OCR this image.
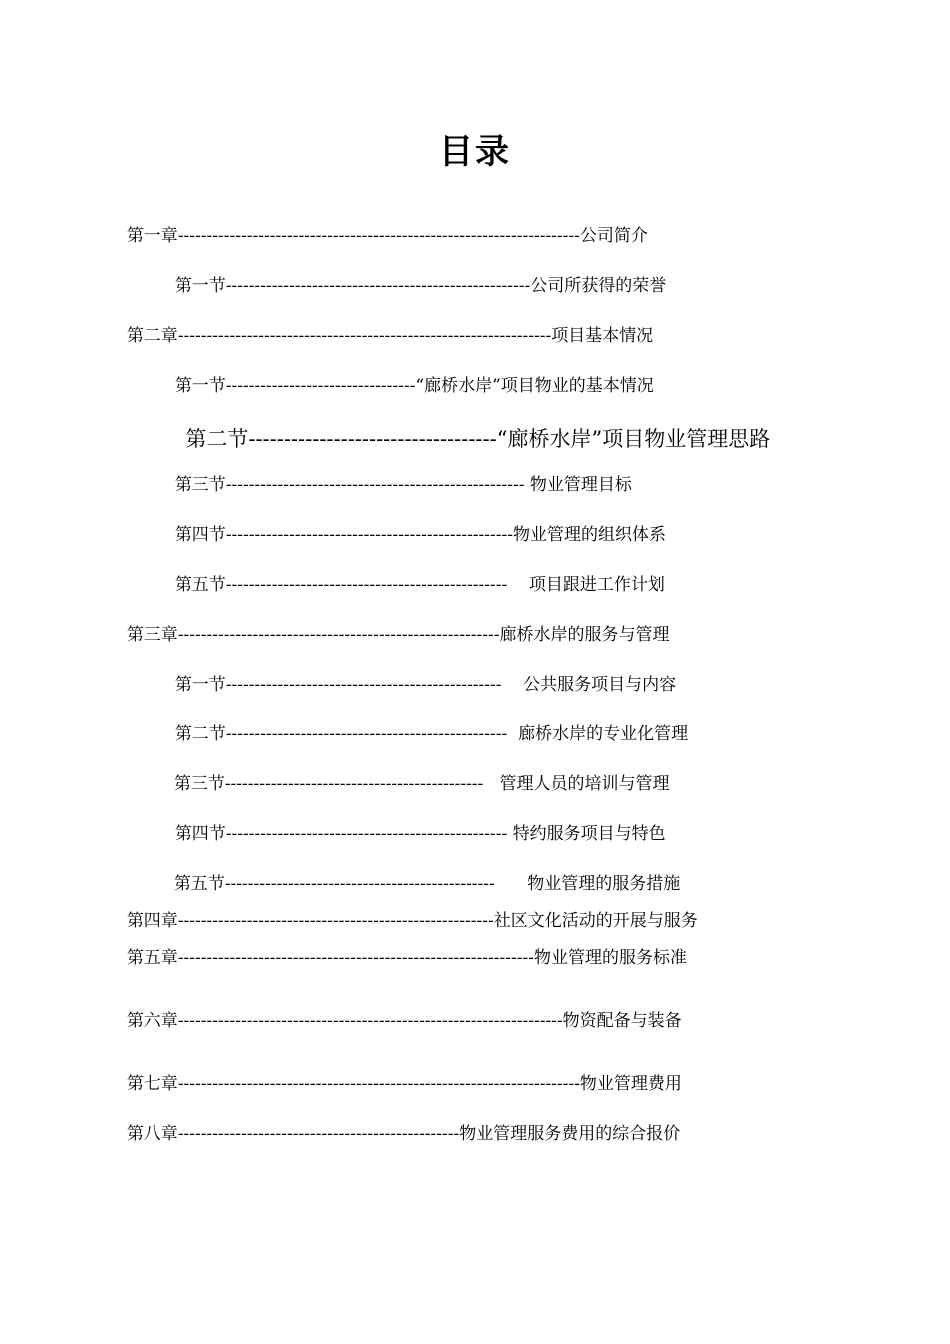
目录

第一章----------------------------------------------------------------------公司简介

第一节-----------------------------------------------------公司所获得的荣誉

第二章-----------------------------------------------------------------项目基本情况

第一节---------------------------------“廊桥水岸”项目物业的基本情况

第二节-----------------------------------“廊桥水岸”项目物业管理思路

第三节---------------------------------------------------- 物业管理目标

第四节--------------------------------------------------物业管理的组织体系

第五节-------------------------------------------------    项目跟进工作计划

第三章--------------------------------------------------------廊桥水岸的服务与管理

第一节------------------------------------------------    公共服务项目与内容

第二节-------------------------------------------------  廊桥水岸的专业化管理

第三节---------------------------------------------   管理人员的培训与管理

第四节------------------------------------------------- 特约服务项目与特色

第五节-----------------------------------------------      物业管理的服务措施

第四章-------------------------------------------------------社区文化活动的开展与服务

第五章--------------------------------------------------------------物业管理的服务标准

第六章-------------------------------------------------------------------物资配备与装备

第七章----------------------------------------------------------------------物业管理费用

第八章-------------------------------------------------物业管理服务费用的综合报价
